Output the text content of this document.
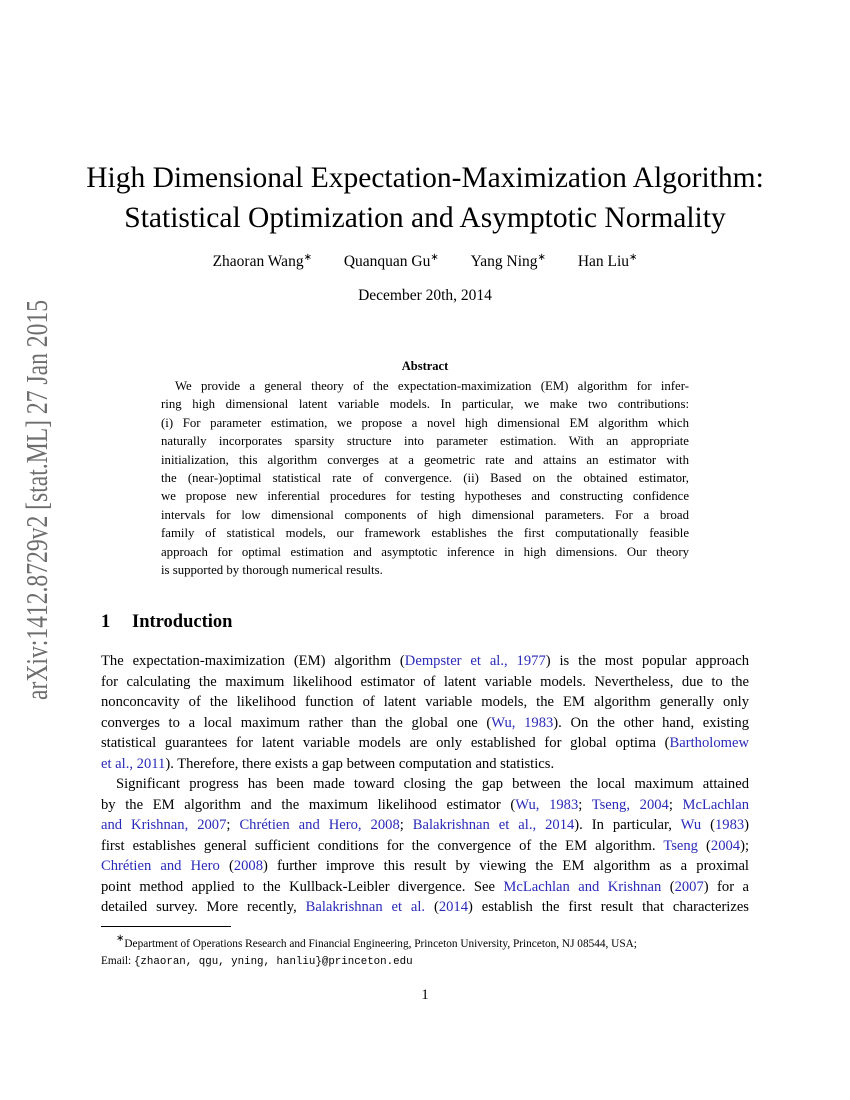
arXiv:1412.8729v2 [stat.ML] 27 Jan 2015
High Dimensional Expectation-Maximization Algorithm:
Statistical Optimization and Asymptotic Normality
Zhaoran Wang∗ Quanquan Gu∗ Yang Ning∗ Han Liu∗
December 20th, 2014
Abstract
We provide a general theory of the expectation-maximization (EM) algorithm for infer-
ring high dimensional latent variable models. In particular, we make two contributions:
(i) For parameter estimation, we propose a novel high dimensional EM algorithm which
naturally incorporates sparsity structure into parameter estimation. With an appropriate
initialization, this algorithm converges at a geometric rate and attains an estimator with
the (near-)optimal statistical rate of convergence. (ii) Based on the obtained estimator,
we propose new inferential procedures for testing hypotheses and constructing confidence
intervals for low dimensional components of high dimensional parameters. For a broad
family of statistical models, our framework establishes the first computationally feasible
approach for optimal estimation and asymptotic inference in high dimensions. Our theory
is supported by thorough numerical results.
1 Introduction
The expectation-maximization (EM) algorithm (Dempster et al., 1977) is the most popular approach
for calculating the maximum likelihood estimator of latent variable models. Nevertheless, due to the
nonconcavity of the likelihood function of latent variable models, the EM algorithm generally only
converges to a local maximum rather than the global one (Wu, 1983). On the other hand, existing
statistical guarantees for latent variable models are only established for global optima (Bartholomew
et al., 2011). Therefore, there exists a gap between computation and statistics.
Significant progress has been made toward closing the gap between the local maximum attained
by the EM algorithm and the maximum likelihood estimator (Wu, 1983; Tseng, 2004; McLachlan
and Krishnan, 2007; Chrétien and Hero, 2008; Balakrishnan et al., 2014). In particular, Wu (1983)
first establishes general sufficient conditions for the convergence of the EM algorithm. Tseng (2004);
Chrétien and Hero (2008) further improve this result by viewing the EM algorithm as a proximal
point method applied to the Kullback-Leibler divergence. See McLachlan and Krishnan (2007) for a
detailed survey. More recently, Balakrishnan et al. (2014) establish the first result that characterizes
∗Department of Operations Research and Financial Engineering, Princeton University, Princeton, NJ 08544, USA;
Email: {zhaoran, qgu, yning, hanliu}@princeton.edu
1
